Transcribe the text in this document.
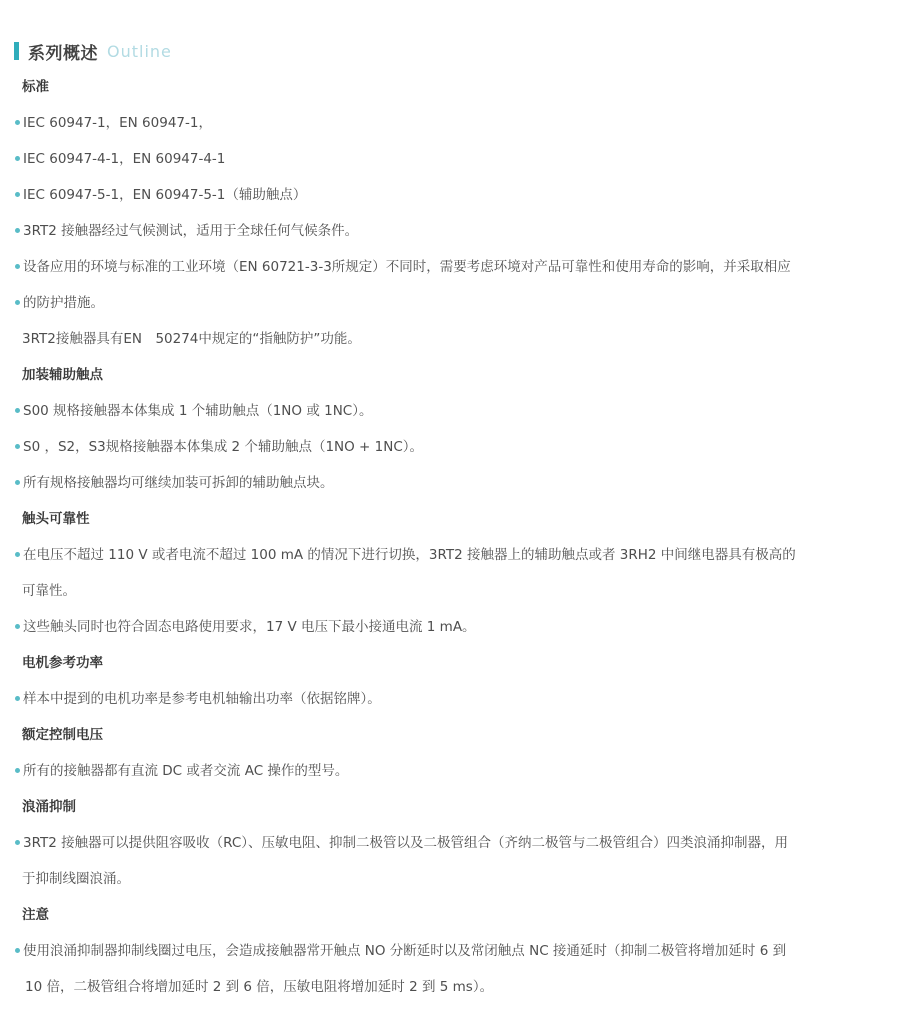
系列概述 Outline
标准
IEC 60947-1，EN 60947-1，
IEC 60947-4-1，EN 60947-4-1
IEC 60947-5-1，EN 60947-5-1（辅助触点）
3RT2 接触器经过气候测试，适用于全球任何气候条件。
设备应用的环境与标准的工业环境（EN 60721-3-3所规定）不同时，需要考虑环境对产品可靠性和使用寿命的影响，并采取相应
的防护措施。
3RT2接触器具有EN　50274中规定的“指触防护”功能。
加装辅助触点
S00 规格接触器本体集成 1 个辅助触点（1NO 或 1NC）。
S0 ，S2，S3规格接触器本体集成 2 个辅助触点（1NO + 1NC）。
所有规格接触器均可继续加装可拆卸的辅助触点块。
触头可靠性
在电压不超过 110 V 或者电流不超过 100 mA 的情况下进行切换，3RT2 接触器上的辅助触点或者 3RH2 中间继电器具有极高的
可靠性。
这些触头同时也符合固态电路使用要求，17 V 电压下最小接通电流 1 mA。
电机参考功率
样本中提到的电机功率是参考电机轴输出功率（依据铭牌）。
额定控制电压
所有的接触器都有直流 DC 或者交流 AC 操作的型号。
浪涌抑制
3RT2 接触器可以提供阻容吸收（RC）、压敏电阻、抑制二极管以及二极管组合（齐纳二极管与二极管组合）四类浪涌抑制器，用
于抑制线圈浪涌。
注意
使用浪涌抑制器抑制线圈过电压，会造成接触器常开触点 NO 分断延时以及常闭触点 NC 接通延时（抑制二极管将增加延时 6 到
10 倍，二极管组合将增加延时 2 到 6 倍，压敏电阻将增加延时 2 到 5 ms）。
